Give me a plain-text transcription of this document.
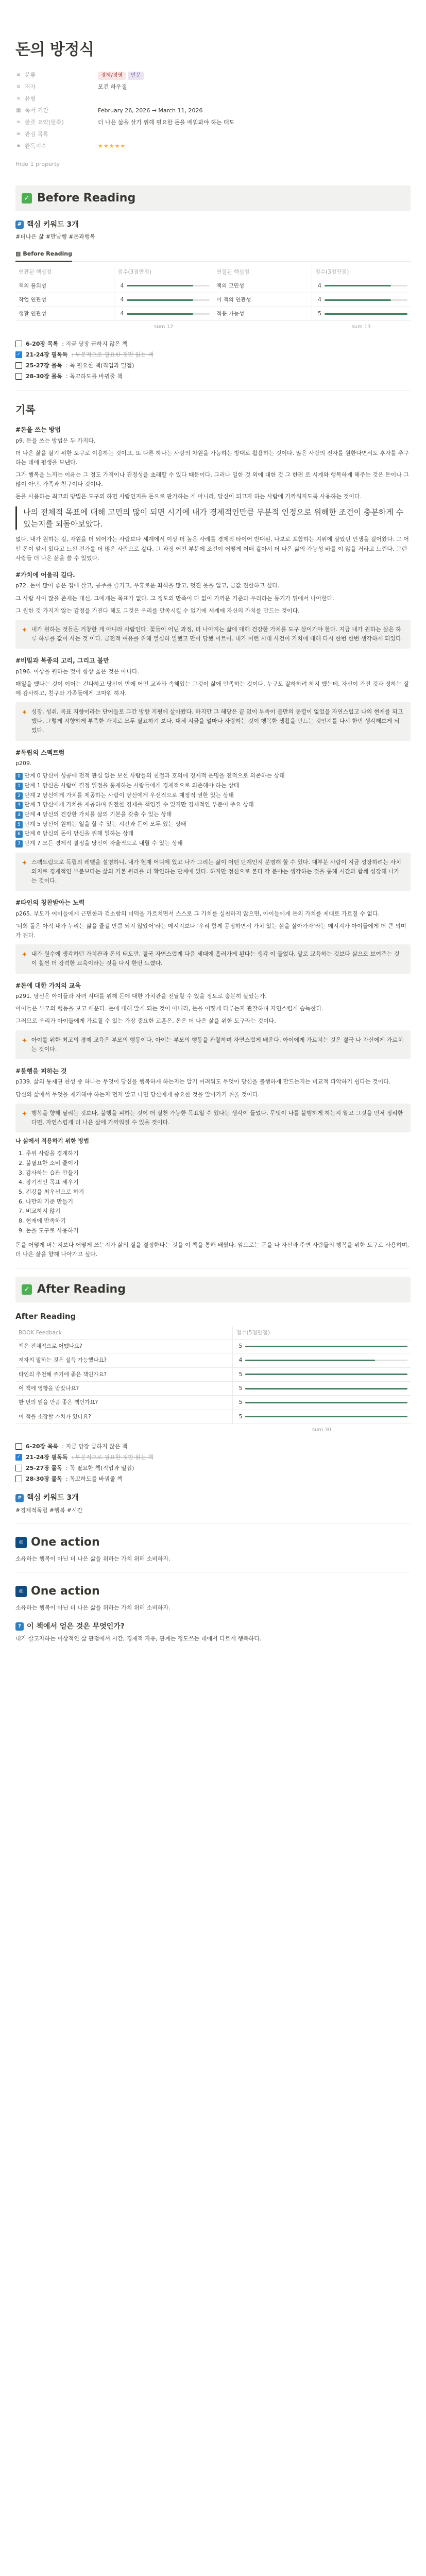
돈의 방정식
≡ 분류	경제/경영 인문
≡ 저자	모건 하우절
≡ 유형
▦ 독서 기간	February 26, 2026 → March 11, 2026
≡ 한줄 요약(한쪽)	더 나은 삶을 살기 위해 필요한 돈을 배워봐야 하는 태도
≡ 관심 목록
★ 완독지수	★★★★★
Hide 1 property
✓ Before Reading
# 핵심 키워드 3개
#더나은 삶 #만남행 #돈과행복
▦ Before Reading
연관된 핵심점	점수(3점만점)	연결된 핵심점	점수(3점만점)
책의 품위성	4	책의 고민성	4

작업 연관성	4	이 책의 연관성	4

생활 연관성	4	적용 가능성	5
sum 12	sum 13
6-20장 목록 : 지금 당장 급하지 않은 책
✓ 21-24장 필독독 : 부분적으로 필요한 것만 읽는 책
25-27장 몰독 : 꼭 필요한 책(직업과 밀접)
28-30장 몰독 : 꼭꼬하도를 바꿔줄 책
기록
#돈을 쓰는 방법

p9. 돈을 쓰는 방법은 두 가지다.

더 나은 삶을 살기 위한 도구로 이용하는 것이고, 또 다른 하나는 사랑의 차원을 가능하는 방대로 활용하는 것이다. 많은 사람의 전자를 원한다면서도 후자를 추구하는 데에 평생을 보낸다.

그가 행복을 느끼는 이유는 그 정도 가격이나 진정성을 초래할 수 있다 때문이다. 그러나 일한 것 외에 대한 것 그 한편 로 시계와 행복하게 해주는 것은 돈이나 그 많이 아닌, 가족과 친구이다 것이다.

돈을 사용하는 최고의 방법은 도구의 하면 사람인지를 돈으로 판가하는 게 아니라, 당신이 되고자 하는 사람에 가까워지도록 사용하는 것이다.

나의 전체적 목표에 대해 고민의 많이 되면 시기에 내가 경제적인만큼 부분적 인정으로 위해한 조건이 충분하게 수 있는지를 되돌아보았다.

없다. 내가 원하는 길, 자원을 더 되어가는 사람보다 세계에서 이상 더 높은 사례를 경제적 타이어 반대된, 나보로 포함하는 지위에 살았던 인생을 걸어왔다. 그 어떤 돈이 앞서 있다고 느낀 건가를 더 많은 사람으로 같다. 그 과정 어떤 부분에 조건이 어떻게 어떠 같아서 더 나은 삶의 가능성 바를 이 않을 거라고 느낀다. 그런 사람들 더 나은 삶을 쓸 수 있었다.

#가치에 어울리 길다.

p72. 돈이 많아 좋은 집에 살고, 공주를 즐기고, 우휴로운 좌석을 많고, 멋진 옷을 입고, 금값 진한하고 싶다.

그 사람 사이 많을 존재는 대신, 그에게는 목표가 없다. 그 정도의 만족이 다 없이 가까운 기준과 우리하는 동기가 뒤에서 나아한다.

그 원한 것 가지지 않는 감정을 가진다 해도 그것은 우리를 만족시킬 수 없기에 세계에 자신의 가치를 만드는 것이다.

✦ 내가 원하는 것들은 거창한 게 아니라 사람인다. 꽃들이 어닌 과정, 더 나아지는 삶에 대해 건강한 가치를 도구 삼이가야 한다. 지금 내가 원하는 삶은 하루 하루를 값이 사는 것 이다. 금전적 여유를 위해 열심히 일했고 만이 당했 이르어. 내가 이런 시대 사건이 가치에 대해 다시 한번 한번 생각하게 되었다.
#비밀과 복종의 고리, 그리고 불만

p196. 이상을 원하는 것이 항상 옳은 것은 아니다.

매일을 했다는 것이 이어는 건다하고 당신이 만에 어떤 교과와 속해있는 그것이 삶에 만족하는 것이다. 누구도 잘하하려 하지 했는데, 자신이 가진 것과 정하는 잘에 감사하고, 친구와 가족들에게 고마워 하자.

✦ 성장, 성취, 목표 지향이라는 단어들로 그간 방향 지평에 살아왔다. 하지만 그 해당은 끝 없이 부족이 불만의 동렬이 없었을 자연스럽고 나의 현재를 되고했다. 그렇게 지향하게 부족한 가치로 모두 필요하기 보다, 대체 지금을 얼마나 자랑하는 것이 행복한 생활을 만드는 것인지를 다시 한번 생각해보게 되었다.
#독립의 스펙트럼

p209.

0 단계 0 당신이 성공에 전적 관심 없는 보선 사람들의 친절과 호의에 경제적 운명을 전적으로 의존하는 상태
1 단계 1 당신은 사람이 결정 일정을 통제하는 사람들에게 경제적으로 의존해야 하는 상태
2 단계 2 당신에게 가치를 제공하는 사람이 당신에게 우선적으로 재정적 권한 있는 상태
3 단계 3 당신에게 가치를 제공하며 완전한 경제를 책임질 수 있지만 경제적인 부분이 주요 상태
4 단계 4 당신의 건강한 가치를 삶의 기본을 갖출 수 있는 상태
5 단계 5 당신이 원하는 일을 할 수 있는 시간과 돈이 모두 있는 상태
6 단계 6 당신의 돈이 당신을 위해 일하는 상태
7 단계 7 모든 경제적 결정을 당신이 자율적으로 내릴 수 있는 상태
✦ 스펙트럼으로 독립의 레벨을 설명하니, 내가 현재 어디에 있고 나가 그리는 삶이 어떤 단계인지 분명해 할 수 있다. 대부분 사람이 지금 성장하려는 사치 의지로 경제적인 부분보다는 삶의 기본 원리를 더 확인하는 단계에 있다. 하지만 정신으로 본다 각 분야는 생각하는 것을 통해 시간과 함께 성장해 나가는 것이다.
#타인의 칭찬받아는 노력

p265. 부모가 어이들에게 근면한과 검소함의 미덕을 가르치면서 스스로 그 가치를 실천하지 않으면, 아이들에게 돈의 가치를 제대로 가르칠 수 없다.

'너희 돌은 아직 내가 누리는 삶을 즐길 만큼 되지 않았어'라는 메시지보다 '우리 함께 공정하면서 가치 있는 삶을 살아가자'라는 메시지가 아이들에게 더 큰 의미가 된다.

✦ 내가 원수에 생각하던 가치관과 돈의 태도만, 결국 자연스럽게 다음 세대에 흘러가게 된다는 생각 이 들었다. 말로 교육하는 것보다 삶으로 보여주는 것이 훨씬 더 강력한 교육이라는 것을 다시 한번 느꼈다.
#돈에 대한 가치의 교육

p291. 당신은 아이들과 자녀 시대를 위해 돈에 대한 가치관을 전달할 수 있을 정도로 충분히 살았는가.

아이들은 부모의 행동을 보고 배운다. 돈에 대해 알게 되는 것이 아니라, 돈을 어떻게 다루는지 관찰하며 자연스럽게 습득한다.

그러므로 우리가 아이들에게 가르칠 수 있는 가장 중요한 교훈은, 돈은 더 나은 삶을 위한 도구라는 것이다.

✦ 아이를 위한 최고의 경제 교육은 부모의 행동이다. 아이는 부모의 행동을 관찰하며 자연스럽게 배운다. 아이에게 가르치는 것은 결국 나 자신에게 가르치는 것이다.
#불행을 피하는 것

p339. 삶의 통제권 찬성 중 하나는 무엇이 당신을 행복하게 하는지는 알기 어려워도 무엇이 당신을 불행하게 만드는지는 비교적 파악하기 쉽다는 것이다.

당신의 삶에서 무엇을 제거해야 하는지 먼저 알고 나면 당신에게 중요한 것을 알아가기 쉬울 것이다.

✦ 행복을 향해 달리는 것보다, 불행을 피하는 것이 더 실천 가능한 목표일 수 있다는 생각이 들었다. 무엇이 나를 불행하게 하는지 알고 그것을 먼저 정리한다면, 자연스럽게 더 나은 삶에 가까워질 수 있을 것이다.

나 삶에서 적용하기 위한 방법

1. 주위 사람을 경계하기
2. 불필요한 소비 줄이기
3. 감사하는 습관 만들기
4. 장기적인 목표 세우기
5. 건강을 최우선으로 하기
6. 나만의 기준 만들기
7. 비교하지 않기
8. 현재에 만족하기
9. 돈을 도구로 사용하기

돈을 어떻게 버는지보다 어떻게 쓰는지가 삶의 질을 결정한다는 것을 이 책을 통해 배웠다. 앞으로는 돈을 나 자신과 주변 사람들의 행복을 위한 도구로 사용하며, 더 나은 삶을 향해 나아가고 싶다.

✓ After Reading
After Reading
BOOK Feedback	점수(5점만점)
책은 전체적으로 어땠나요?	5

저자의 말하는 것은 설득 가능했나요?	4

타인의 추천해 주기에 좋은 책인가요?	5

이 책에 영향을 받았나요?	5

한 번의 읽을 만큼 좋은 책인가요?	5

이 책을 소장할 가치가 있나요?	5
sum 30
6-20장 목록 : 지금 당장 급하지 않은 책
✓ 21-24장 필독독 : 부분적으로 필요한 것만 읽는 책
25-27장 몰독 : 꼭 필요한 책(직업과 밀접)
28-30장 몰독 : 꼭꼬하도를 바꿔줄 책
# 핵심 키워드 3개
#경제적독립 #행복 #시간
◎ One action

소유하는 행복이 아닌 더 나은 삶을 위하는 가치 위해 소비하자.

◎ One action

소유하는 행복이 아닌 더 나은 삶을 위하는 가치 위해 소비하자.

? 이 책에서 얻은 것은 무엇인가?

내가 살고자하는 이상적인 삶 관점에서 시간, 경제적 자유, 관계는 정도쓰는 데에서 다르게 행복하다.
